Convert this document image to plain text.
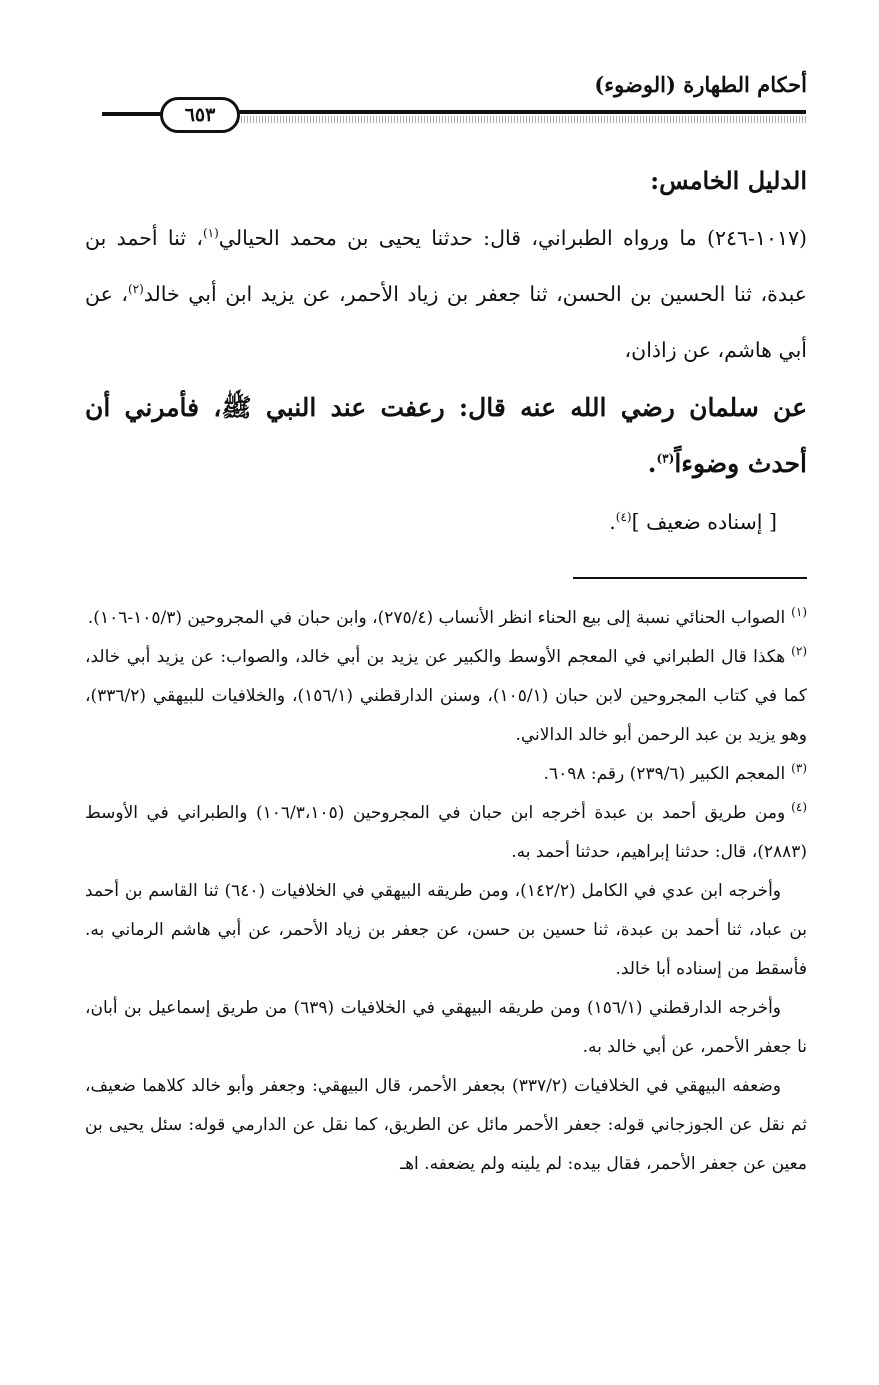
أحكام الطهارة (الوضوء)
٦٥٣

الدليل الخامس:

(١٠١٧-٢٤٦) ما ورواه الطبراني، قال: حدثنا يحيى بن محمد الحيالي$^{(١)}$، ثنا أحمد بن عبدة، ثنا الحسين بن الحسن، ثنا جعفر بن زياد الأحمر، عن يزيد ابن أبي خالد$^{(٢)}$، عن أبي هاشم، عن زاذان،

عن سلمان رضي الله عنه قال: رعفت عند النبي ﷺ، فأمرني أن أحدث وضوءاً$^{(٣)}$.

[ إسناده ضعيف ]$^{(٤)}$.

$^{(١)}$الصواب الحنائي نسبة إلى بيع الحناء انظر الأنساب (٢٧٥/٤)، وابن حبان في المجروحين (١٠٥/٣-١٠٦).

$^{(٢)}$هكذا قال الطبراني في المعجم الأوسط والكبير عن يزيد بن أبي خالد، والصواب: عن يزيد أبي خالد، كما في كتاب المجروحين لابن حبان (١٠٥/١)، وسنن الدارقطني (١٥٦/١)، والخلافيات للبيهقي (٣٣٦/٢)، وهو يزيد بن عبد الرحمن أبو خالد الدالاني.

$^{(٣)}$المعجم الكبير (٢٣٩/٦) رقم: ٦٠٩٨.

$^{(٤)}$ومن طريق أحمد بن عبدة أخرجه ابن حبان في المجروحين (١٠٦/٣،١٠٥) والطبراني في الأوسط (٢٨٨٣)، قال: حدثنا إبراهيم، حدثنا أحمد به.

وأخرجه ابن عدي في الكامل (١٤٢/٢)، ومن طريقه البيهقي في الخلافيات (٦٤٠) ثنا القاسم بن أحمد بن عباد، ثنا أحمد بن عبدة، ثنا حسين بن حسن، عن جعفر بن زياد الأحمر، عن أبي هاشم الرماني به. فأسقط من إسناده أبا خالد.

وأخرجه الدارقطني (١٥٦/١) ومن طريقه البيهقي في الخلافيات (٦٣٩) من طريق إسماعيل بن أبان، نا جعفر الأحمر، عن أبي خالد به.

وضعفه البيهقي في الخلافيات (٣٣٧/٢) بجعفر الأحمر، قال البيهقي: وجعفر وأبو خالد كلاهما ضعيف، ثم نقل عن الجوزجاني قوله: جعفر الأحمر مائل عن الطريق، كما نقل عن الدارمي قوله: سئل يحيى بن معين عن جعفر الأحمر، فقال بيده: لم يلينه ولم يضعفه. اهـ
